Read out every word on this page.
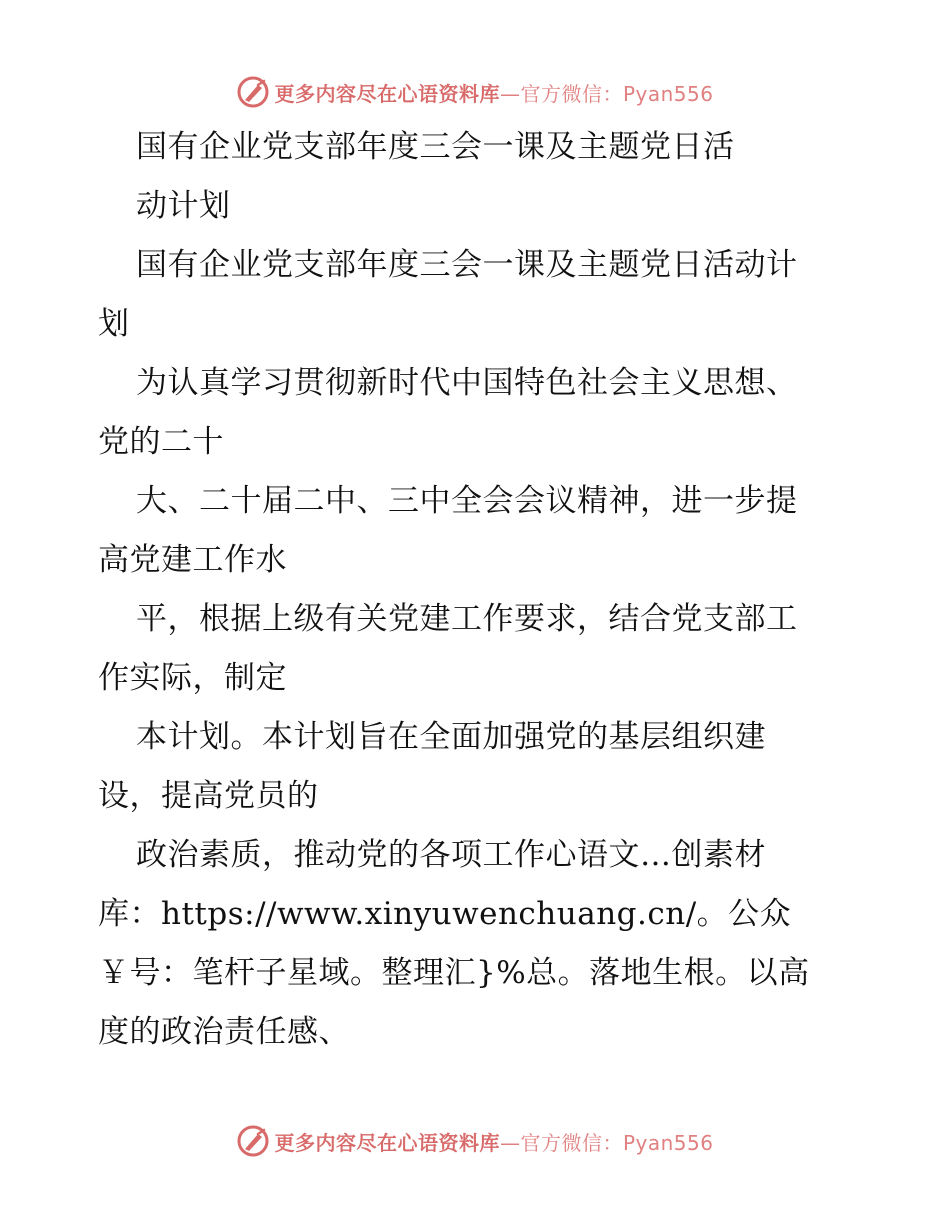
更多内容尽在心语资料库—官方微信：Pyan556
国有企业党支部年度三会一课及主题党日活
动计划
国有企业党支部年度三会一课及主题党日活动计
划
为认真学习贯彻新时代中国特色社会主义思想、
党的二十
大、二十届二中、三中全会会议精神，进一步提
高党建工作水
平，根据上级有关党建工作要求，结合党支部工
作实际，制定
本计划。本计划旨在全面加强党的基层组织建
设，提高党员的
政治素质，推动党的各项工作心语文…创素材
库：https://www.xinyuwenchuang.cn/。公众
￥号：笔杆子星域。整理汇}%总。落地生根。以高
度的政治责任感、
更多内容尽在心语资料库—官方微信：Pyan556
